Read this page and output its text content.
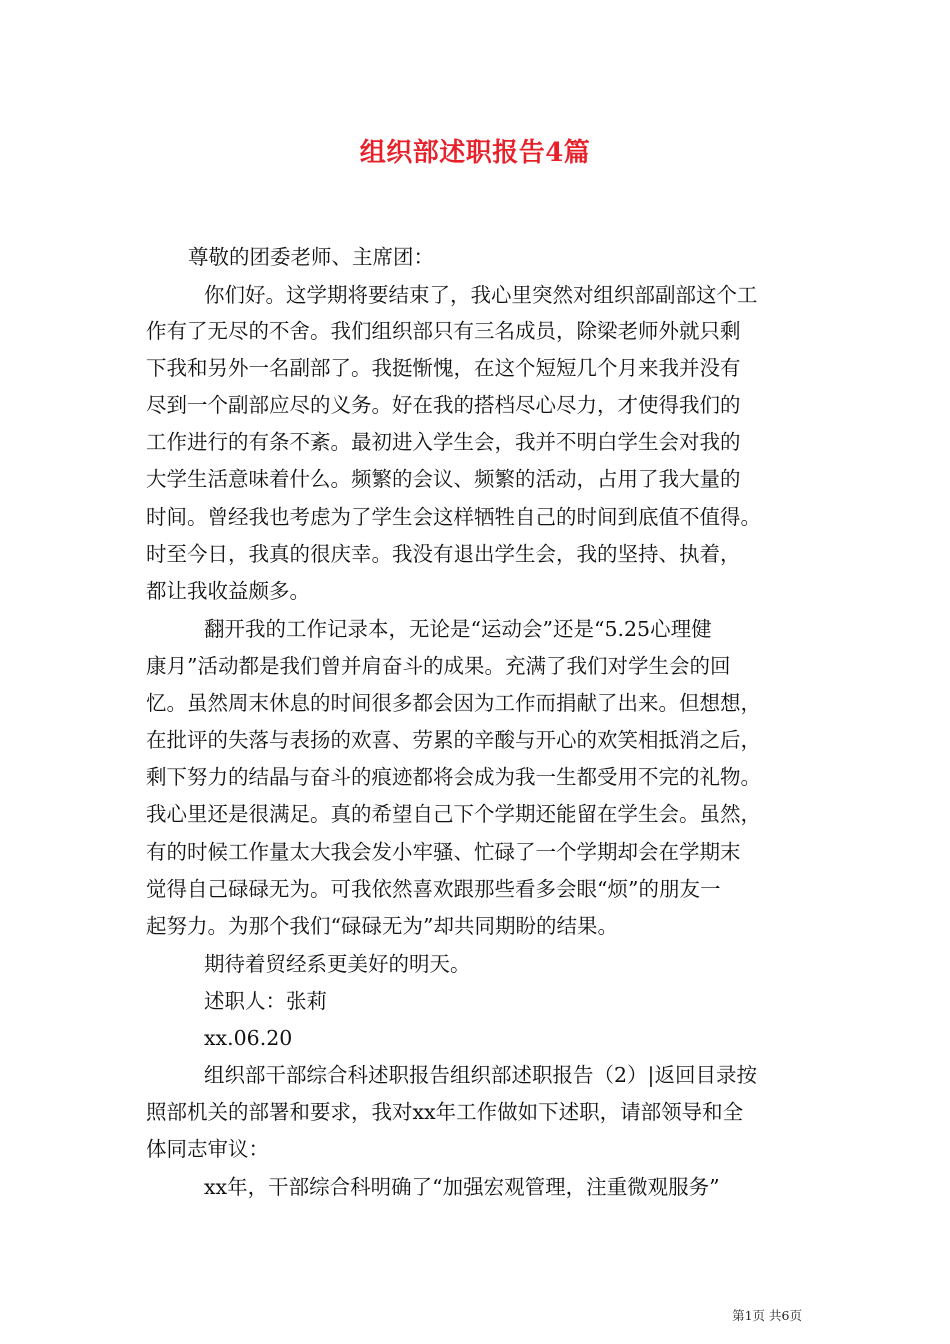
组织部述职报告4篇

尊敬的团委老师、主席团：

你们好。这学期将要结束了，我心里突然对组织部副部这个工

作有了无尽的不舍。我们组织部只有三名成员，除梁老师外就只剩

下我和另外一名副部了。我挺惭愧，在这个短短几个月来我并没有

尽到一个副部应尽的义务。好在我的搭档尽心尽力，才使得我们的

工作进行的有条不紊。最初进入学生会，我并不明白学生会对我的

大学生活意味着什么。频繁的会议、频繁的活动，占用了我大量的

时间。曾经我也考虑为了学生会这样牺牲自己的时间到底值不值得。

时至今日，我真的很庆幸。我没有退出学生会，我的坚持、执着，

都让我收益颇多。

翻开我的工作记录本，无论是“运动会”还是“5.25心理健

康月”活动都是我们曾并肩奋斗的成果。充满了我们对学生会的回

忆。虽然周末休息的时间很多都会因为工作而捐献了出来。但想想，

在批评的失落与表扬的欢喜、劳累的辛酸与开心的欢笑相抵消之后，

剩下努力的结晶与奋斗的痕迹都将会成为我一生都受用不完的礼物。

我心里还是很满足。真的希望自己下个学期还能留在学生会。虽然，

有的时候工作量太大我会发小牢骚、忙碌了一个学期却会在学期末

觉得自己碌碌无为。可我依然喜欢跟那些看多会眼“烦”的朋友一

起努力。为那个我们“碌碌无为”却共同期盼的结果。

期待着贸经系更美好的明天。

述职人：张莉

xx.06.20

组织部干部综合科述职报告组织部述职报告（2）|返回目录按

照部机关的部署和要求，我对xx年工作做如下述职，请部领导和全

体同志审议：

xx年，干部综合科明确了“加强宏观管理，注重微观服务”

第1页 共6页
